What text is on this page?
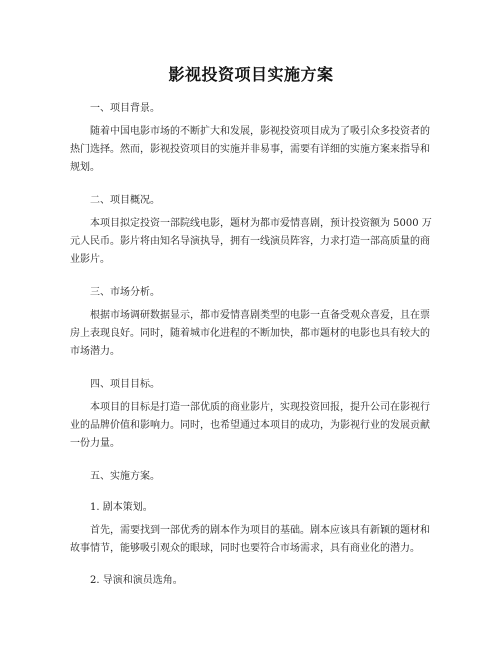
影视投资项目实施方案
一、项目背景。
随着中国电影市场的不断扩大和发展，影视投资项目成为了吸引众多投资者的
热门选择。然而，影视投资项目的实施并非易事，需要有详细的实施方案来指导和
规划。
二、项目概况。
本项目拟定投资一部院线电影，题材为都市爱情喜剧，预计投资额为 5000 万
元人民币。影片将由知名导演执导，拥有一线演员阵容，力求打造一部高质量的商
业影片。
三、市场分析。
根据市场调研数据显示，都市爱情喜剧类型的电影一直备受观众喜爱，且在票
房上表现良好。同时，随着城市化进程的不断加快，都市题材的电影也具有较大的
市场潜力。
四、项目目标。
本项目的目标是打造一部优质的商业影片，实现投资回报，提升公司在影视行
业的品牌价值和影响力。同时，也希望通过本项目的成功，为影视行业的发展贡献
一份力量。
五、实施方案。
1. 剧本策划。
首先，需要找到一部优秀的剧本作为项目的基础。剧本应该具有新颖的题材和
故事情节，能够吸引观众的眼球，同时也要符合市场需求，具有商业化的潜力。
2. 导演和演员选角。
